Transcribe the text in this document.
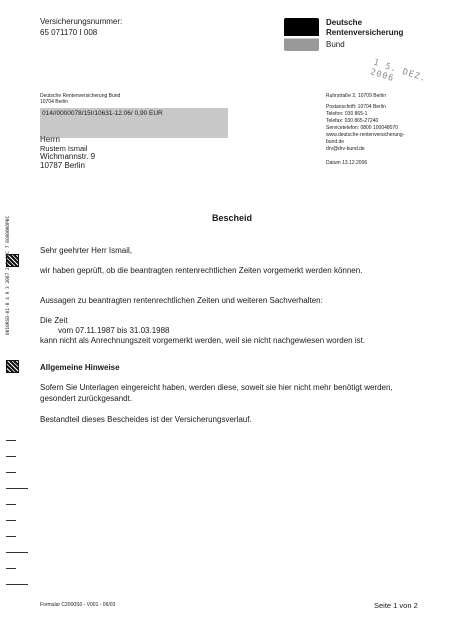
Versicherungsnummer:
65 071170 I 008
Deutsche
Rentenversicherung
Bund
1 5. DEZ. 2006
Deutsche Rentenversicherung Bund
10704 Berlin
014//0000078/15I/10631-12.06/ 0,90 EUR
Herrn
Rustem Ismail
Wichmannstr. 9
10787 Berlin
Ruhrstraße 2, 10709 Berlin
Postanschrift: 10704 Berlin
Telefon: 030 865-1
Telefax: 030 865-27240
Servicetelefon: 0800 100048070
www.deutsche-rentenversicherung-
bund.de
drv@drv-bund.de
Datum 13.12.2006
Bescheid
Sehr geehrter Herr Ismail,
wir haben geprüft, ob die beantragten rentenrechtlichen Zeiten vorgemerkt werden können.
Aussagen zu beantragten rentenrechtlichen Zeiten und weiteren Sachverhalten:
Die Zeit
vom 07.11.1987 bis 31.03.1988
kann nicht als Anrechnungszeit vorgemerkt werden, weil sie nicht nachgewiesen worden ist.
Allgemeine Hinweise
Sofern Sie Unterlagen eingereicht haben, werden diese, soweit sie hier nicht mehr benötigt werden,
gesondert zurückgesandt.
Bestandteil dieses Bescheides ist der Versicherungsverlauf.
0010RSB-01-0 4 9 3 2007 2 1 J6C 7 8G000KOP0C
Formular C2000S0 - V001 - 06/03	Seite 1 von 2
